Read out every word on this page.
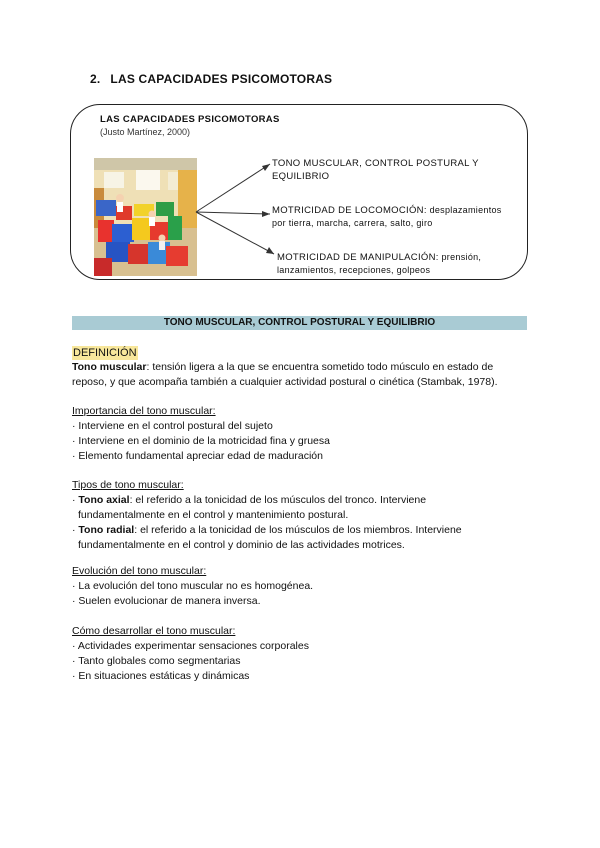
2. LAS CAPACIDADES PSICOMOTORAS
LAS CAPACIDADES PSICOMOTORAS
(Justo Martínez, 2000)
TONO MUSCULAR, CONTROL POSTURAL Y EQUILIBRIO
MOTRICIDAD DE LOCOMOCIÓN: desplazamientos por tierra, marcha, carrera, salto, giro
MOTRICIDAD DE MANIPULACIÓN: prensión, lanzamientos, recepciones, golpeos
TONO MUSCULAR, CONTROL POSTURAL Y EQUILIBRIO
DEFINICIÓN
Tono muscular: tensión ligera a la que se encuentra sometido todo músculo en estado de reposo, y que acompaña también a cualquier actividad postural o cinética (Stambak, 1978).
Importancia del tono muscular:
· Interviene en el control postural del sujeto
· Interviene en el dominio de la motricidad fina y gruesa
· Elemento fundamental apreciar edad de maduración
Tipos de tono muscular:
· Tono axial: el referido a la tonicidad de los músculos del tronco. Interviene
fundamentalmente en el control y mantenimiento postural.
· Tono radial: el referido a la tonicidad de los músculos de los miembros. Interviene
fundamentalmente en el control y dominio de las actividades motrices.
Evolución del tono muscular:
· La evolución del tono muscular no es homogénea.
· Suelen evolucionar de manera inversa.
Cómo desarrollar el tono muscular:
· Actividades experimentar sensaciones corporales
· Tanto globales como segmentarias
· En situaciones estáticas y dinámicas
